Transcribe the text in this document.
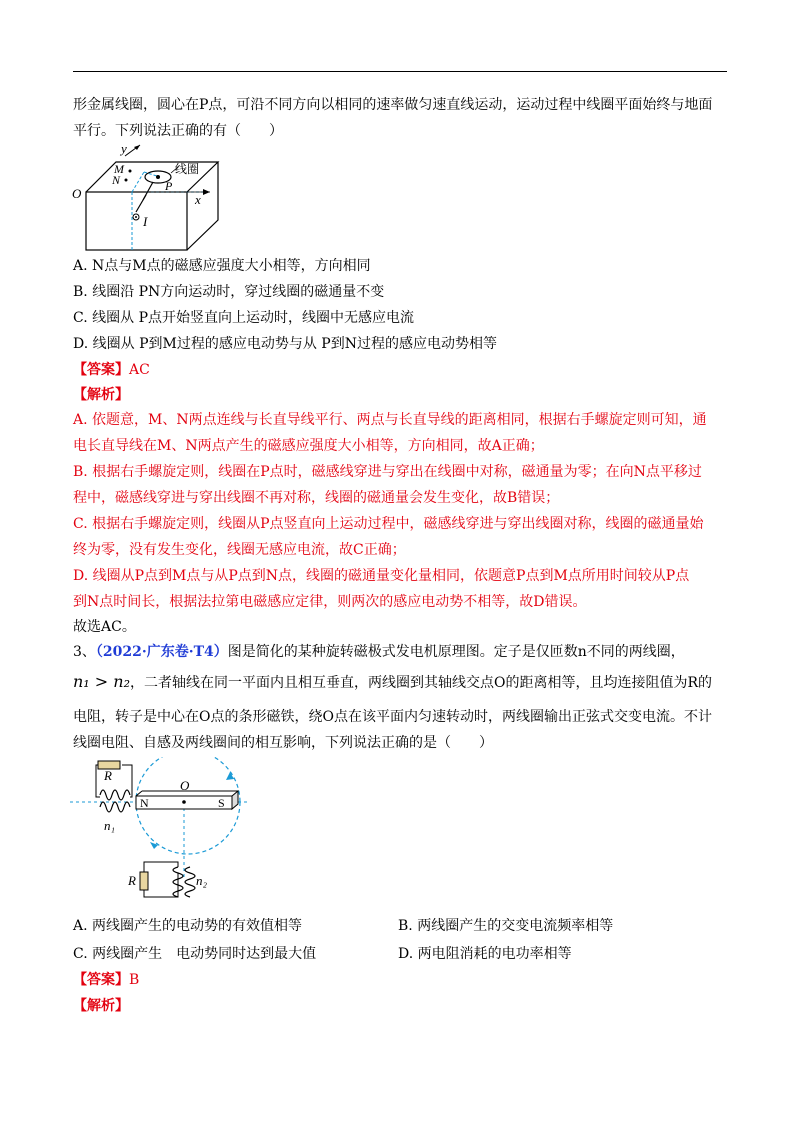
形金属线圈，圆心在P点，可沿不同方向以相同的速率做匀速直线运动，运动过程中线圈平面始终与地面
平行。下列说法正确的有（　　）
y
M
N
线圈
P
O	x
I
A. N点与M点的磁感应强度大小相等，方向相同
B. 线圈沿 PN方向运动时，穿过线圈的磁通量不变
C. 线圈从 P点开始竖直向上运动时，线圈中无感应电流
D. 线圈从 P到M过程的感应电动势与从 P到N过程的感应电动势相等
【答案】AC
【解析】
A. 依题意，M、N两点连线与长直导线平行、两点与长直导线的距离相同，根据右手螺旋定则可知，通
电长直导线在M、N两点产生的磁感应强度大小相等，方向相同，故A正确；
B. 根据右手螺旋定则，线圈在P点时，磁感线穿进与穿出在线圈中对称，磁通量为零；在向N点平移过
程中，磁感线穿进与穿出线圈不再对称，线圈的磁通量会发生变化，故B错误；
C. 根据右手螺旋定则，线圈从P点竖直向上运动过程中，磁感线穿进与穿出线圈对称，线圈的磁通量始
终为零，没有发生变化，线圈无感应电流，故C正确；
D. 线圈从P点到M点与从P点到N点，线圈的磁通量变化量相同，依题意P点到M点所用时间较从P点
到N点时间长，根据法拉第电磁感应定律，则两次的感应电动势不相等，故D错误。
故选AC。
3、（2022·广东卷·T4）图是简化的某种旋转磁极式发电机原理图。定子是仅匝数n不同的两线圈，
n₁ > n₂，二者轴线在同一平面内且相互垂直，两线圈到其轴线交点O的距离相等，且均连接阻值为R的
电阻，转子是中心在O点的条形磁铁，绕O点在该平面内匀速转动时，两线圈输出正弦式交变电流。不计
线圈电阻、自感及两线圈间的相互影响，下列说法正确的是（　　）
R
O
N	S
n₁
R	n₂
A. 两线圈产生的电动势的有效值相等	B. 两线圈产生的交变电流频率相等
C. 两线圈产生　电动势同时达到最大值	D. 两电阻消耗的电功率相等
【答案】B
【解析】
